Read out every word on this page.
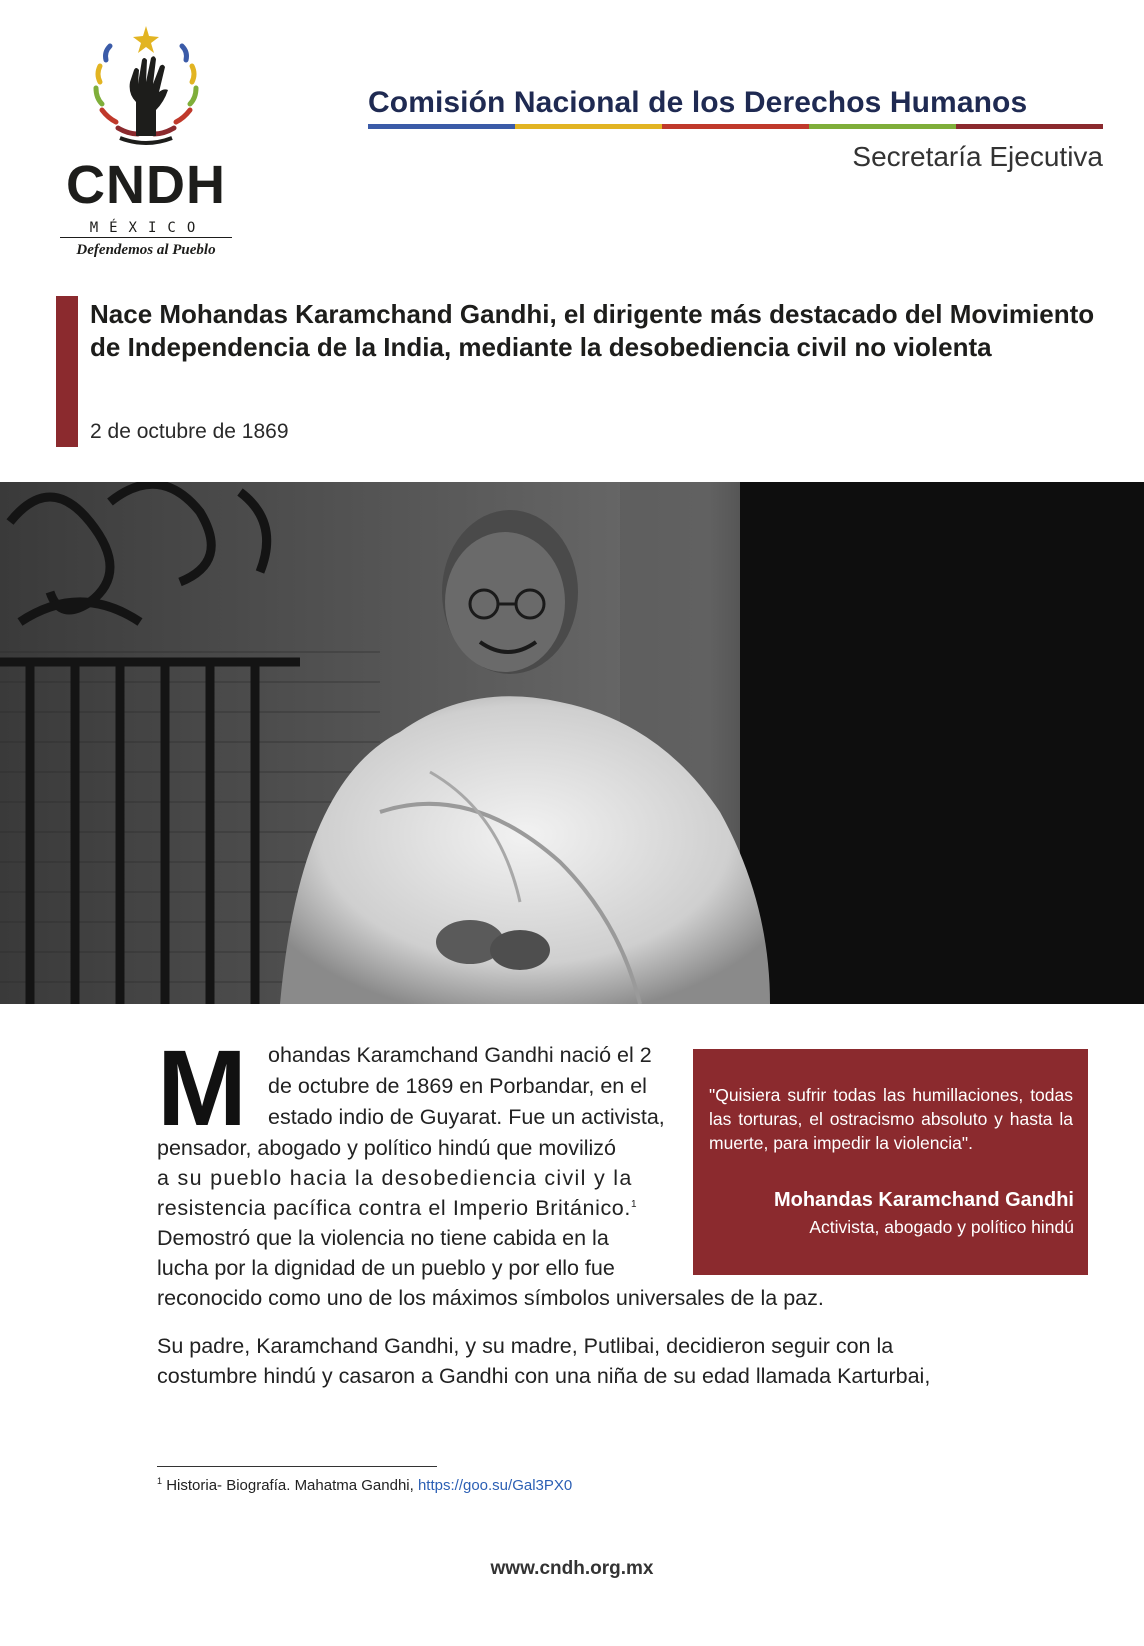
CNDH
MÉXICO
Defendemos al Pueblo
Comisión Nacional de los Derechos Humanos
Secretaría Ejecutiva
Nace Mohandas Karamchand Gandhi, el dirigente más destacado del Movimiento de Independencia de la India, mediante la desobediencia civil no violenta
2 de octubre de 1869
M ohandas Karamchand Gandhi nació el 2
de octubre de 1869 en Porbandar, en el
estado indio de Guyarat. Fue un activista,
pensador, abogado y político hindú que movilizó
a su pueblo hacia la desobediencia civil y la
resistencia pacífica contra el Imperio Británico.$^1$
Demostró que la violencia no tiene cabida en la
lucha por la dignidad de un pueblo y por ello fue
reconocido como uno de los máximos símbolos universales de la paz.
Su padre, Karamchand Gandhi, y su madre, Putlibai, decidieron seguir con la
costumbre hindú y casaron a Gandhi con una niña de su edad llamada Karturbai,

"Quisiera sufrir todas las humillaciones, todas las torturas, el ostracismo absoluto y hasta la muerte, para impedir la violencia".

Mohandas Karamchand Gandhi
Activista, abogado y político hindú
$^1$ Historia- Biografía. Mahatma Gandhi, https://goo.su/Gal3PX0
www.cndh.org.mx
